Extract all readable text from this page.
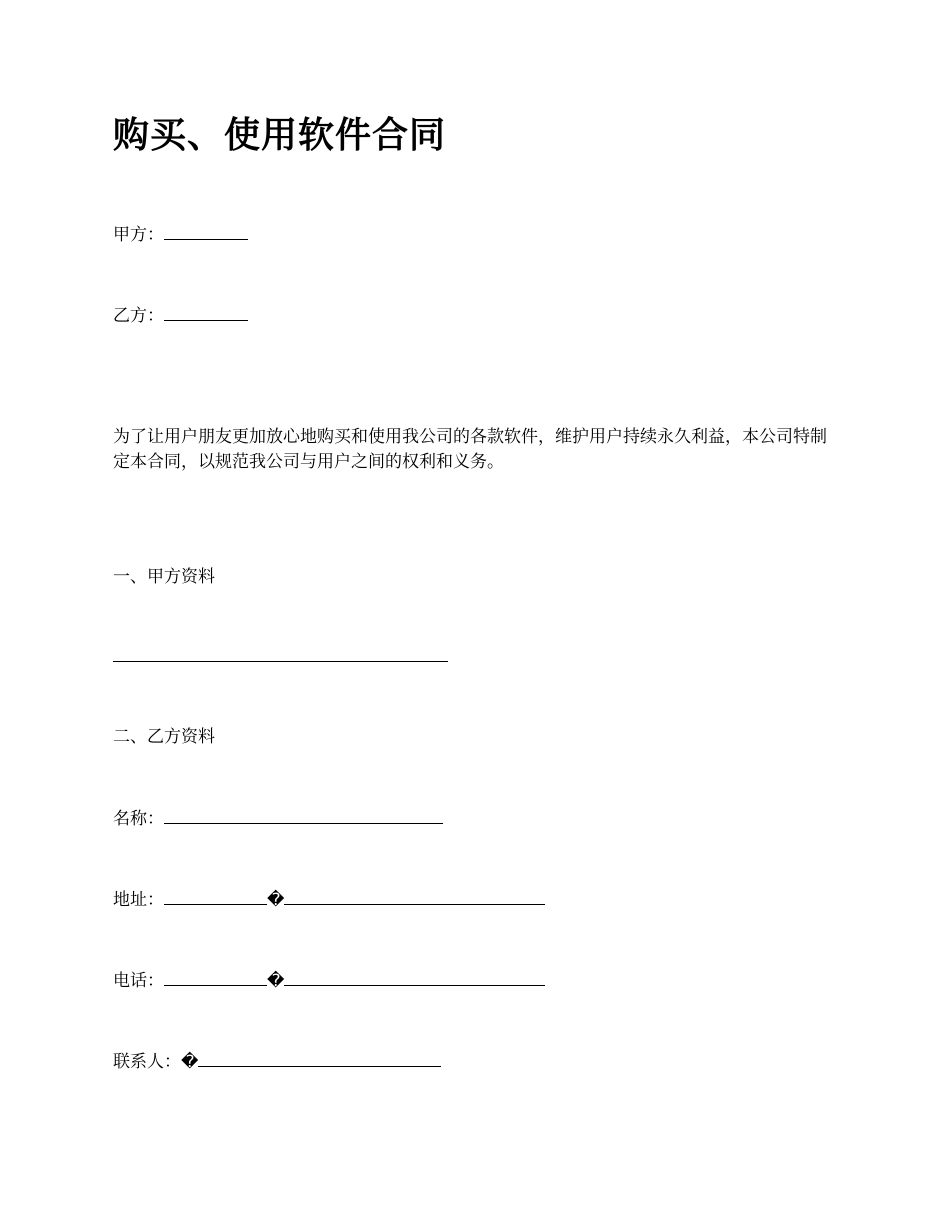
购买、使用软件合同
甲方：
乙方：
为了让用户朋友更加放心地购买和使用我公司的各款软件，维护用户持续永久利益，本公司特制定本合同，以规范我公司与用户之间的权利和义务。
一、甲方资料
二、乙方资料
名称：
地址：	�
电话：	�
联系人：�
